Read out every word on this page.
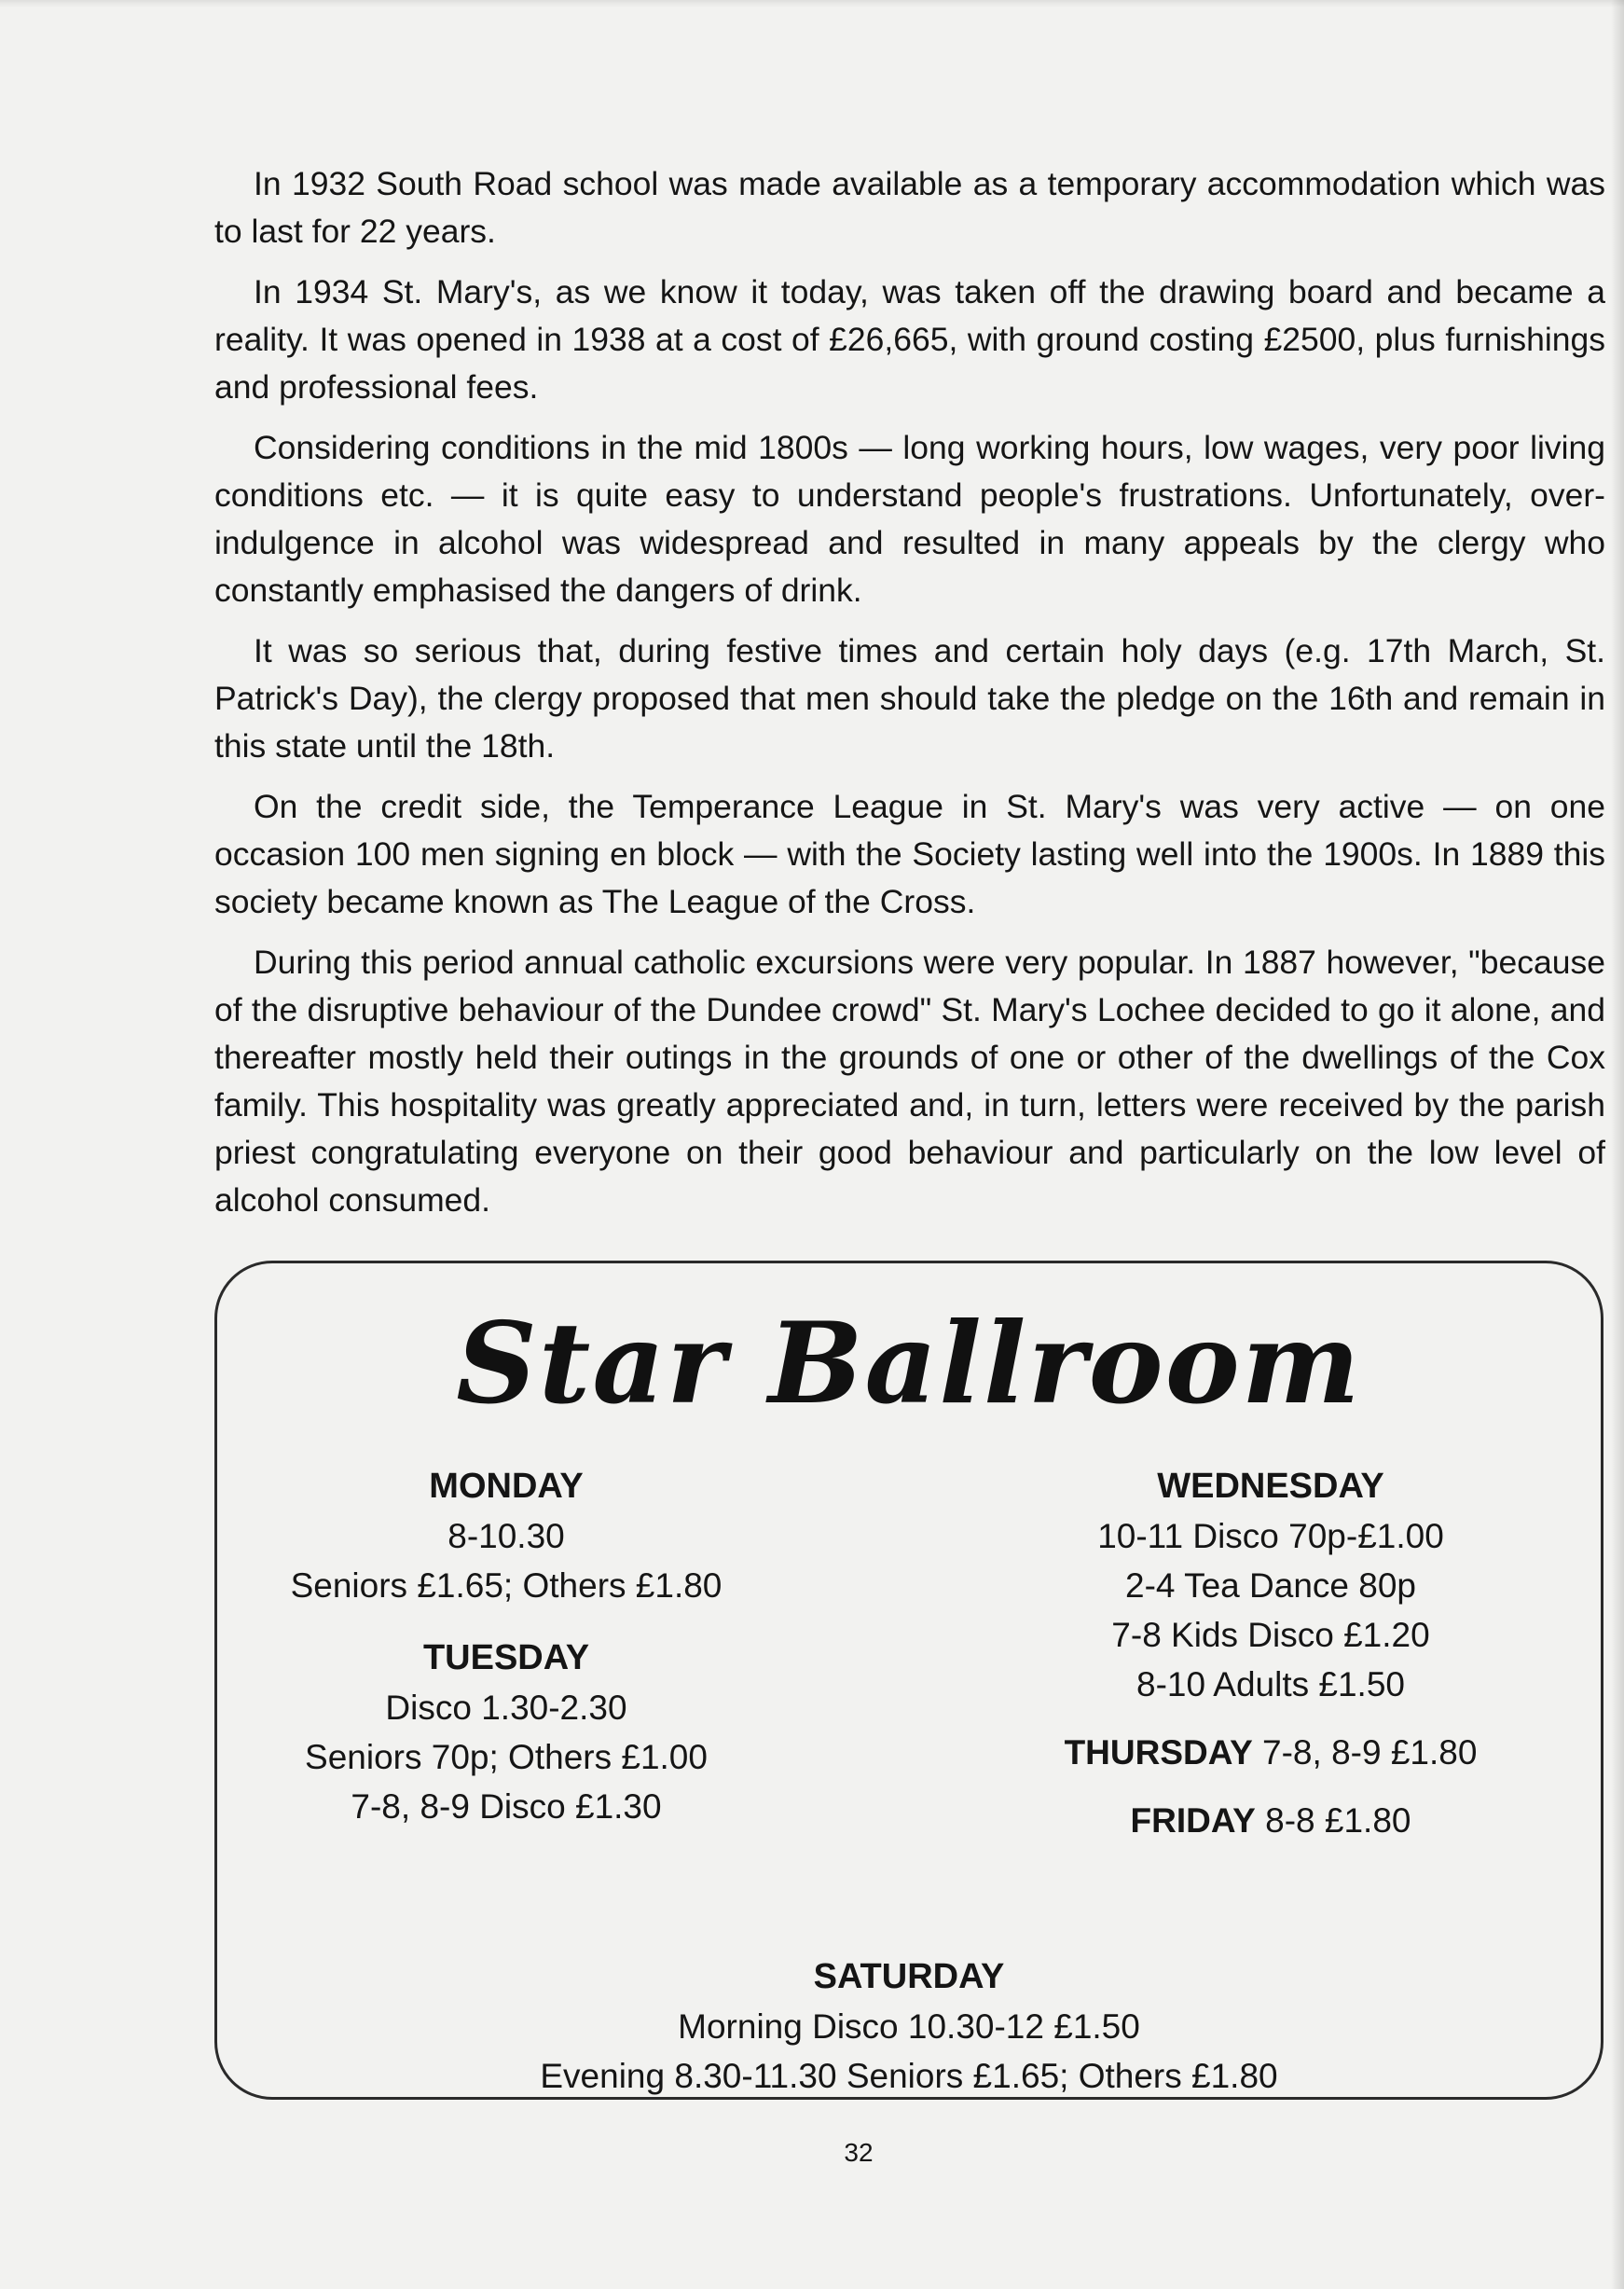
In 1932 South Road school was made available as a temporary accommodation which was to last for 22 years.

In 1934 St. Mary's, as we know it today, was taken off the drawing board and became a reality. It was opened in 1938 at a cost of £26,665, with ground costing £2500, plus furnishings and professional fees.

Considering conditions in the mid 1800s — long working hours, low wages, very poor living conditions etc. — it is quite easy to understand people's frustrations. Unfortunately, over-indulgence in alcohol was widespread and resulted in many appeals by the clergy who constantly emphasised the dangers of drink.

It was so serious that, during festive times and certain holy days (e.g. 17th March, St. Patrick's Day), the clergy proposed that men should take the pledge on the 16th and remain in this state until the 18th.

On the credit side, the Temperance League in St. Mary's was very active — on one occasion 100 men signing en block — with the Society lasting well into the 1900s. In 1889 this society became known as The League of the Cross.

During this period annual catholic excursions were very popular. In 1887 however, "because of the disruptive behaviour of the Dundee crowd" St. Mary's Lochee decided to go it alone, and thereafter mostly held their outings in the grounds of one or other of the dwellings of the Cox family. This hospitality was greatly appreciated and, in turn, letters were received by the parish priest congratulating everyone on their good behaviour and particularly on the low level of alcohol consumed.

Star Ballroom
MONDAY
8-10.30
Seniors £1.65; Others £1.80
TUESDAY
Disco 1.30-2.30
Seniors 70p; Others £1.00
7-8, 8-9 Disco £1.30
WEDNESDAY
10-11 Disco 70p-£1.00
2-4 Tea Dance 80p
7-8 Kids Disco £1.20
8-10 Adults £1.50
THURSDAY 7-8, 8-9 £1.80
FRIDAY 8-8 £1.80
SATURDAY
Morning Disco 10.30-12 £1.50
Evening 8.30-11.30 Seniors £1.65; Others £1.80
32
